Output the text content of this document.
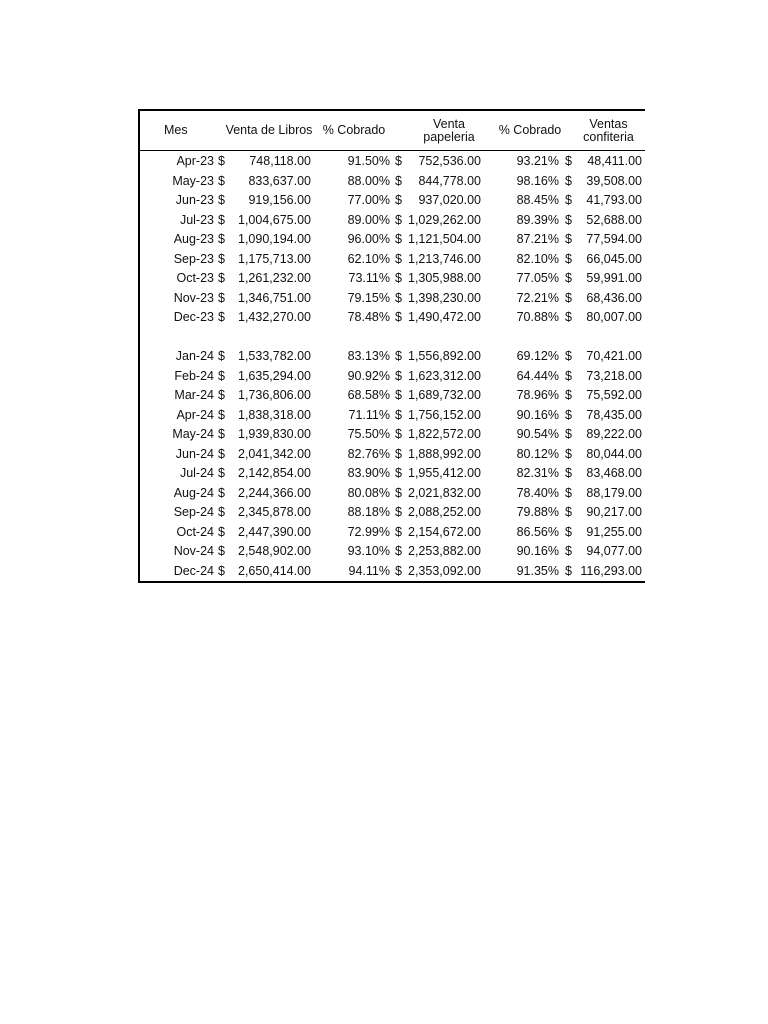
Mes	Venta de Libros % Cobrado	Venta papeleria	% Cobrado	Ventas confiteria
Apr-23 $ 748,118.00	91.50% $ 752,536.00	93.21% $ 48,411.00
May-23 $ 833,637.00	88.00% $ 844,778.00	98.16% $ 39,508.00
Jun-23 $ 919,156.00	77.00% $ 937,020.00	88.45% $ 41,793.00
Jul-23 $ 1,004,675.00	89.00% $ 1,029,262.00	89.39% $ 52,688.00
Aug-23 $ 1,090,194.00	96.00% $ 1,121,504.00	87.21% $ 77,594.00
Sep-23 $ 1,175,713.00	62.10% $ 1,213,746.00	82.10% $ 66,045.00
Oct-23 $ 1,261,232.00	73.11% $ 1,305,988.00	77.05% $ 59,991.00
Nov-23 $ 1,346,751.00	79.15% $ 1,398,230.00	72.21% $ 68,436.00
Dec-23 $ 1,432,270.00	78.48% $ 1,490,472.00	70.88% $ 80,007.00
Jan-24 $ 1,533,782.00	83.13% $ 1,556,892.00	69.12% $ 70,421.00
Feb-24 $ 1,635,294.00	90.92% $ 1,623,312.00	64.44% $ 73,218.00
Mar-24 $ 1,736,806.00	68.58% $ 1,689,732.00	78.96% $ 75,592.00
Apr-24 $ 1,838,318.00	71.11% $ 1,756,152.00	90.16% $ 78,435.00
May-24 $ 1,939,830.00	75.50% $ 1,822,572.00	90.54% $ 89,222.00
Jun-24 $ 2,041,342.00	82.76% $ 1,888,992.00	80.12% $ 80,044.00
Jul-24 $ 2,142,854.00	83.90% $ 1,955,412.00	82.31% $ 83,468.00
Aug-24 $ 2,244,366.00	80.08% $ 2,021,832.00	78.40% $ 88,179.00
Sep-24 $ 2,345,878.00	88.18% $ 2,088,252.00	79.88% $ 90,217.00
Oct-24 $ 2,447,390.00	72.99% $ 2,154,672.00	86.56% $ 91,255.00
Nov-24 $ 2,548,902.00	93.10% $ 2,253,882.00	90.16% $ 94,077.00
Dec-24 $ 2,650,414.00	94.11% $ 2,353,092.00	91.35% $ 116,293.00
